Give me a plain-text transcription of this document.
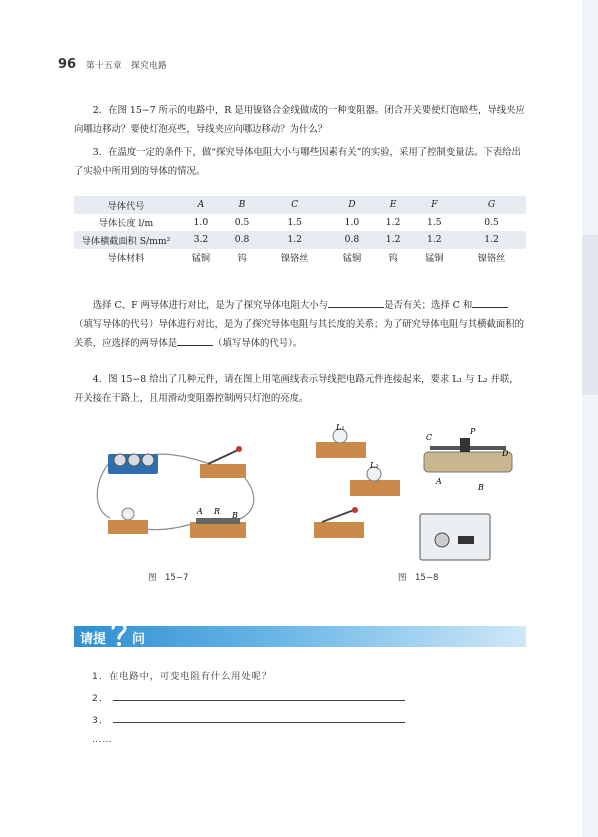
96 第十五章　探究电路

2．在图 15−7 所示的电路中，R 是用镍铬合金线做成的一种变阻器。闭合开关要使灯泡暗些，导线夹应向哪边移动？要使灯泡亮些，导线夹应向哪边移动？为什么？

3．在温度一定的条件下，做“探究导体电阻大小与哪些因素有关”的实验，采用了控制变量法。下表给出了实验中所用到的导体的情况。

导体代号	A	B	C	D	E	F	G
导体长度 l/m	1.0	0.5	1.5	1.0	1.2	1.5	0.5
导体横截面积 S/mm²	3.2	0.8	1.2	0.8	1.2	1.2	1.2
导体材料	锰铜	钨	镍铬丝	锰铜	钨	锰铜	镍铬丝

选择 C、F 两导体进行对比，是为了探究导体电阻大小与	是否有关；选择 C 和（填写导体的代号）导体进行对比，是为了探究导体电阻与其长度的关系；为了研究导体电阻与其横截面积的关系，应选择的两导体是	（填写导体的代号）。

4．图 15−8 给出了几种元件，请在图上用笔画线表示导线把电路元件连接起来，要求 L₁ 与 L₂ 并联，开关接在干路上，且用滑动变阻器控制两只灯泡的亮度。

A R B
图　15−7
L₁
L₂
C
P
D
A
B
图　15−8
请提 问
1．在电路中，可变电阻有什么用处呢？
2．
3．
……
